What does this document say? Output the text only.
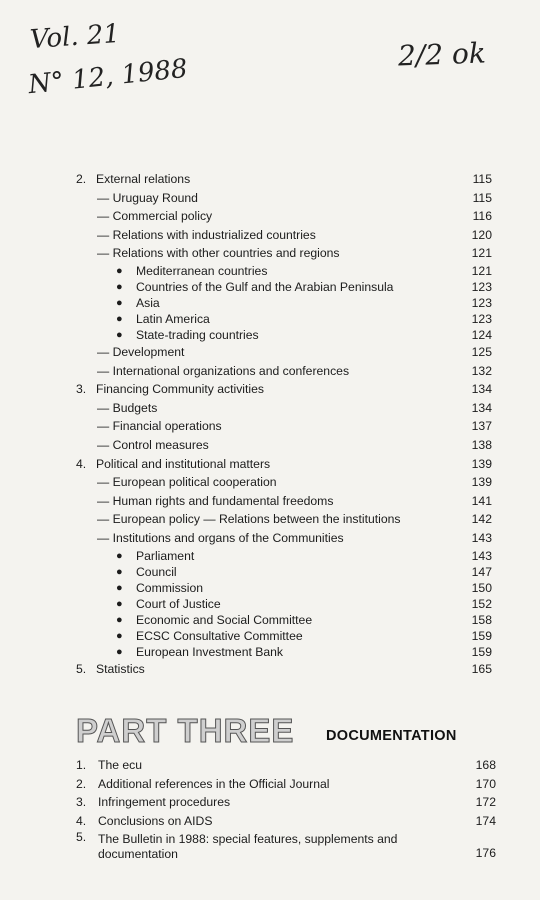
Vol. 21
N° 12, 1988	2/2 ok
2. External relations	115
— Uruguay Round	115
— Commercial policy	116
— Relations with industrialized countries	120
— Relations with other countries and regions	121
● Mediterranean countries	121
● Countries of the Gulf and the Arabian Peninsula	123
● Asia	123
● Latin America	123
● State-trading countries	124
— Development	125
— International organizations and conferences	132
3. Financing Community activities	134
— Budgets	134
— Financial operations	137
— Control measures	138
4. Political and institutional matters	139
— European political cooperation	139
— Human rights and fundamental freedoms	141
— European policy — Relations between the institutions	142
— Institutions and organs of the Communities	143
● Parliament	143
● Council	147
● Commission	150
● Court of Justice	152
● Economic and Social Committee	158
● ECSC Consultative Committee	159
● European Investment Bank	159
5. Statistics	165
PART THREE DOCUMENTATION
1. The ecu	168
2. Additional references in the Official Journal	170
3. Infringement procedures	172
4. Conclusions on AIDS	174
5. The Bulletin in 1988: special features, supplements and documentation	176
